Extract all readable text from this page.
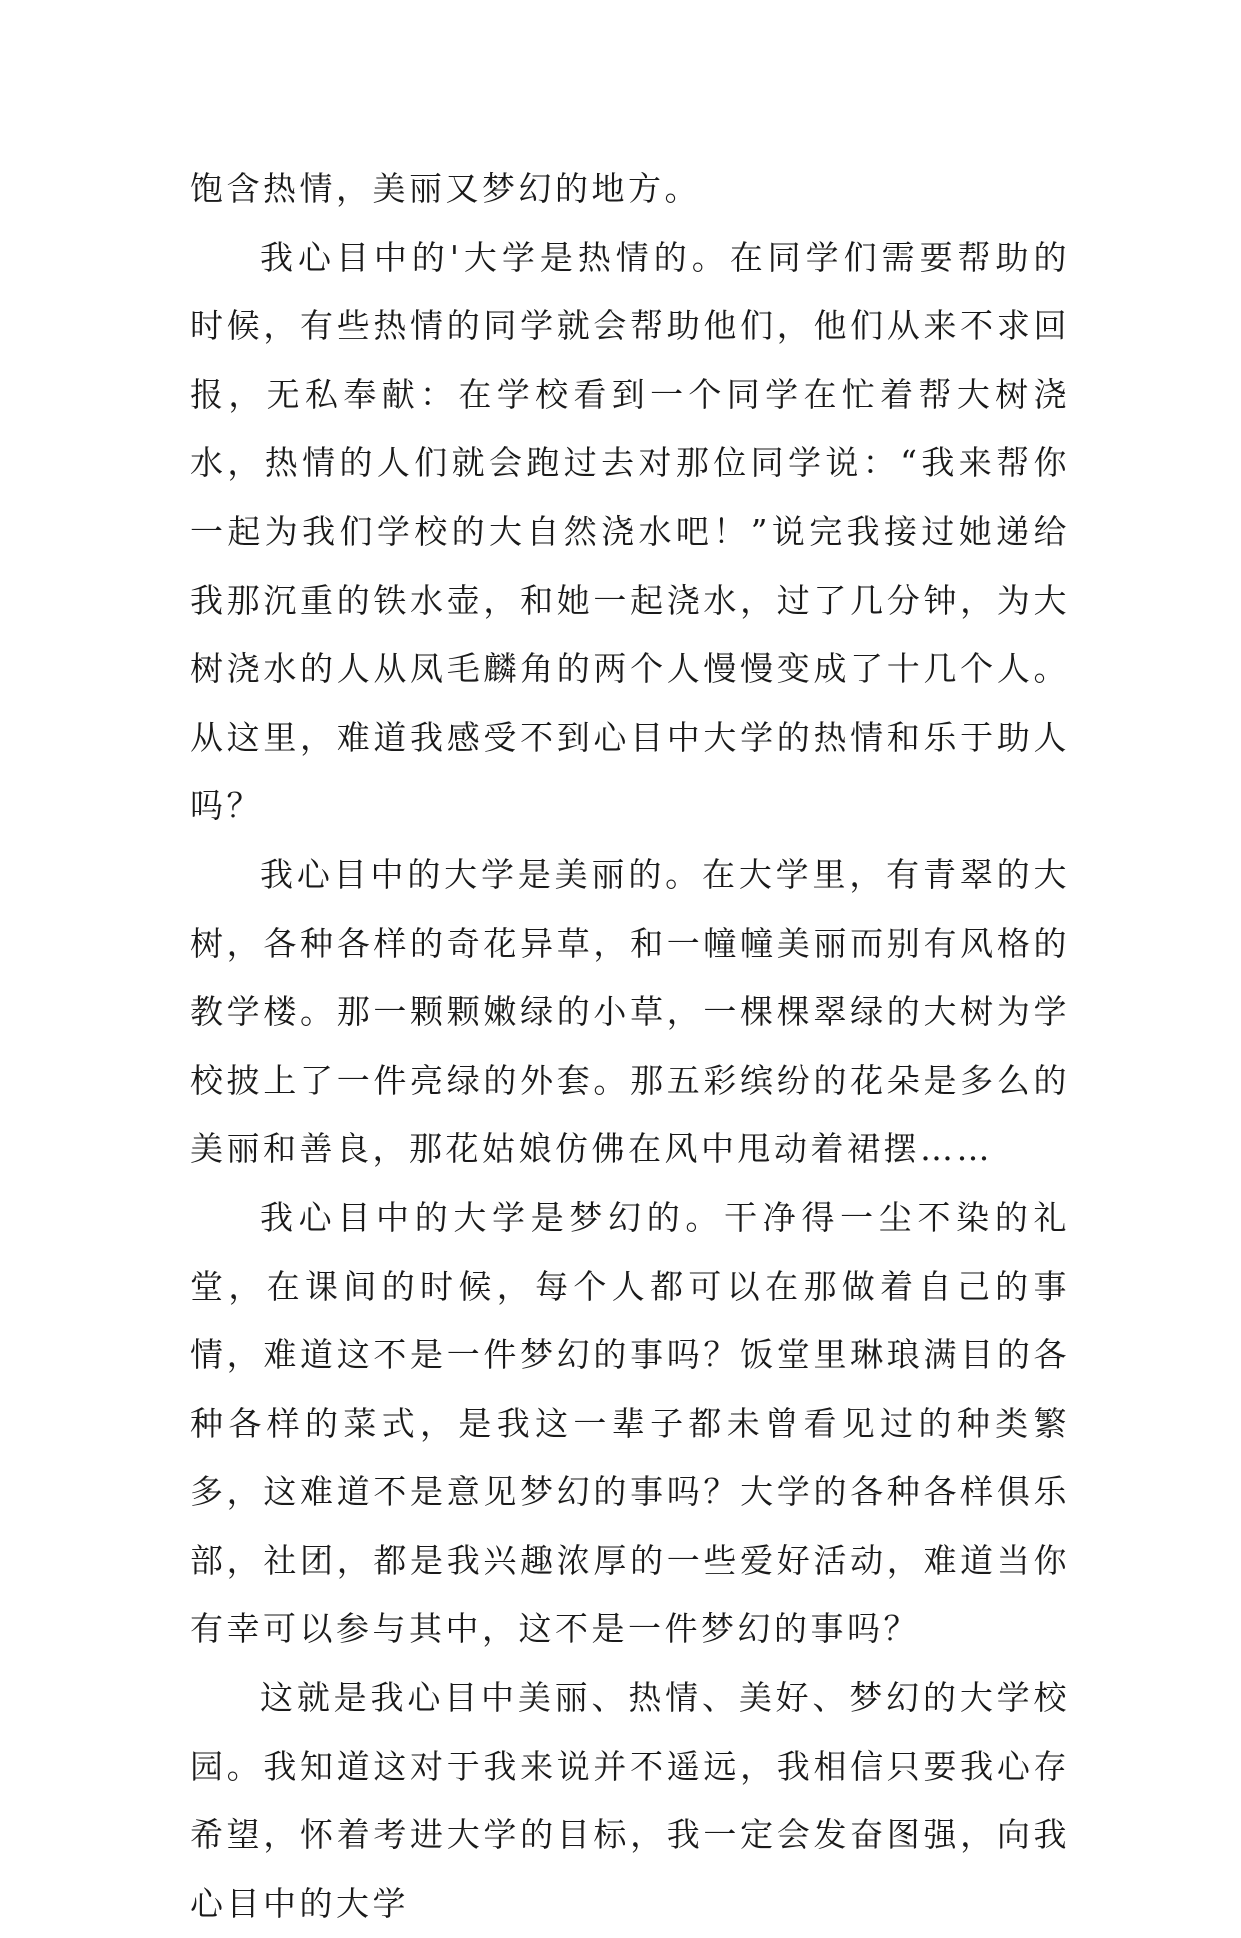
饱含热情，美丽又梦幻的地方。

我心目中的'大学是热情的。在同学们需要帮助的时候，有些热情的同学就会帮助他们，他们从来不求回报，无私奉献：在学校看到一个同学在忙着帮大树浇水，热情的人们就会跑过去对那位同学说：“我来帮你一起为我们学校的大自然浇水吧！”说完我接过她递给我那沉重的铁水壶，和她一起浇水，过了几分钟，为大树浇水的人从凤毛麟角的两个人慢慢变成了十几个人。从这里，难道我感受不到心目中大学的热情和乐于助人吗？

我心目中的大学是美丽的。在大学里，有青翠的大树，各种各样的奇花异草，和一幢幢美丽而别有风格的教学楼。那一颗颗嫩绿的小草，一棵棵翠绿的大树为学校披上了一件亮绿的外套。那五彩缤纷的花朵是多么的美丽和善良，那花姑娘仿佛在风中甩动着裙摆……

我心目中的大学是梦幻的。干净得一尘不染的礼堂，在课间的时候，每个人都可以在那做着自己的事情，难道这不是一件梦幻的事吗？饭堂里琳琅满目的各种各样的菜式，是我这一辈子都未曾看见过的种类繁多，这难道不是意见梦幻的事吗？大学的各种各样俱乐部，社团，都是我兴趣浓厚的一些爱好活动，难道当你有幸可以参与其中，这不是一件梦幻的事吗？

这就是我心目中美丽、热情、美好、梦幻的大学校园。我知道这对于我来说并不遥远，我相信只要我心存希望，怀着考进大学的目标，我一定会发奋图强，向我心目中的大学
